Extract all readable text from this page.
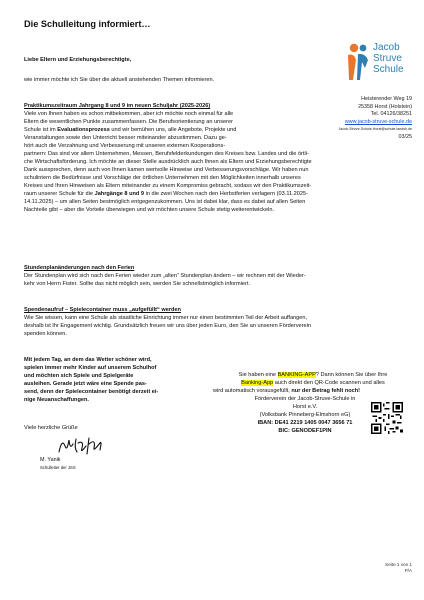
Die Schulleitung informiert…
Jacob
Struve
Schule
Heisterender Weg 19
25358 Horst (Holstein)
Tel. 04126/38251
www.jacob-struve-schule.de
Jacob-Struve-Schule.Horst@schule.landsh.de
03/25
Liebe Eltern und Erziehungsberechtigte,
wie immer möchte ich Sie über die aktuell anstehenden Themen informieren.
Praktikumszeitraum Jahrgang 8 und 9 im neuen Schuljahr (2025-2026)
Viele von Ihnen haben es schon mitbekommen, aber ich möchte noch einmal für alle
Eltern die wesentlichen Punkte zusammenfassen. Die Berufsorientierung an unserer
Schule ist im Evaluationsprozess und wir bemühen uns, alle Angebote, Projekte und
Veranstaltungen sowie den Unterricht besser miteinander abzustimmen. Dazu ge-
hört auch die Verzahnung und Verbesserung mit unseren externen Kooperations-
partnern: Das sind vor allem Unternehmen, Messen, Berufsfelderkundungen des Kreises bzw. Landes und die örtli-
che Wirtschaftsförderung. Ich möchte an dieser Stelle ausdrücklich auch Ihnen als Eltern und Erziehungsberechtigte
Dank aussprechen, denn auch von Ihnen kamen wertvolle Hinweise und Verbesserungsvorschläge. Wir haben nun
schulintern die Bedürfnisse und Vorschläge der örtlichen Unternehmen mit den Möglichkeiten innerhalb unseres
Kreises und Ihren Hinweisen als Eltern miteinander zu einem Kompromiss gebracht, sodass wir den Praktikumszeit-
raum unserer Schule für die Jahrgänge 8 und 9 in die zwei Wochen nach den Herbstferien verlagern (03.11.2025-
14.11.2025) – um allen Seiten bestmöglich entgegenzukommen. Uns ist dabei klar, dass es dabei auf allen Seiten
Nachteile gibt – aber die Vorteile überwiegen und wir möchten unsere Schule stetig weiterentwickeln.
Stundenplanänderungen nach den Ferien
Der Stundenplan wird sich nach den Ferien wieder zum „alten“ Stundenplan ändern – wir rechnen mit der Wieder-
kehr von Herrn Fister. Sollte das nicht möglich sein, werden Sie schnellstmöglich informiert.
Spendenaufruf – Spielecontainer muss „aufgefüllt“ werden
Wie Sie wissen, kann eine Schule als staatliche Einrichtung immer nur einen bestimmten Teil der Arbeit auffangen,
deshalb ist Ihr Engagement wichtig. Grundsätzlich freuen wir uns über jeden Euro, den Sie an unseren Förderverein
spenden können.
Mit jedem Tag, an dem das Wetter schöner wird,
spielen immer mehr Kinder auf unserem Schulhof
und möchten sich Spiele und Spielgeräte
ausleihen. Gerade jetzt wäre eine Spende pas-
send, denn der Spielecontainer benötigt derzeit ei-
nige Neuanschaffungen.
Sie haben eine BANKING-APP? Dann können Sie über Ihre
Banking-App auch direkt den QR-Code scannen und alles
wird automatisch vorausgefüllt, nur der Betrag fehlt noch!
Förderverein der Jacob-Struve-Schule in
Horst e.V.
(Volksbank Pinneberg-Elmshorn eG)
IBAN: DE41 2219 1405 0047 3656 71
BIC: GENODEF1PIN
Viele herzliche Grüße
M. Yanik
Schulleiter der JSS
Seite 1 von 1
P/A
